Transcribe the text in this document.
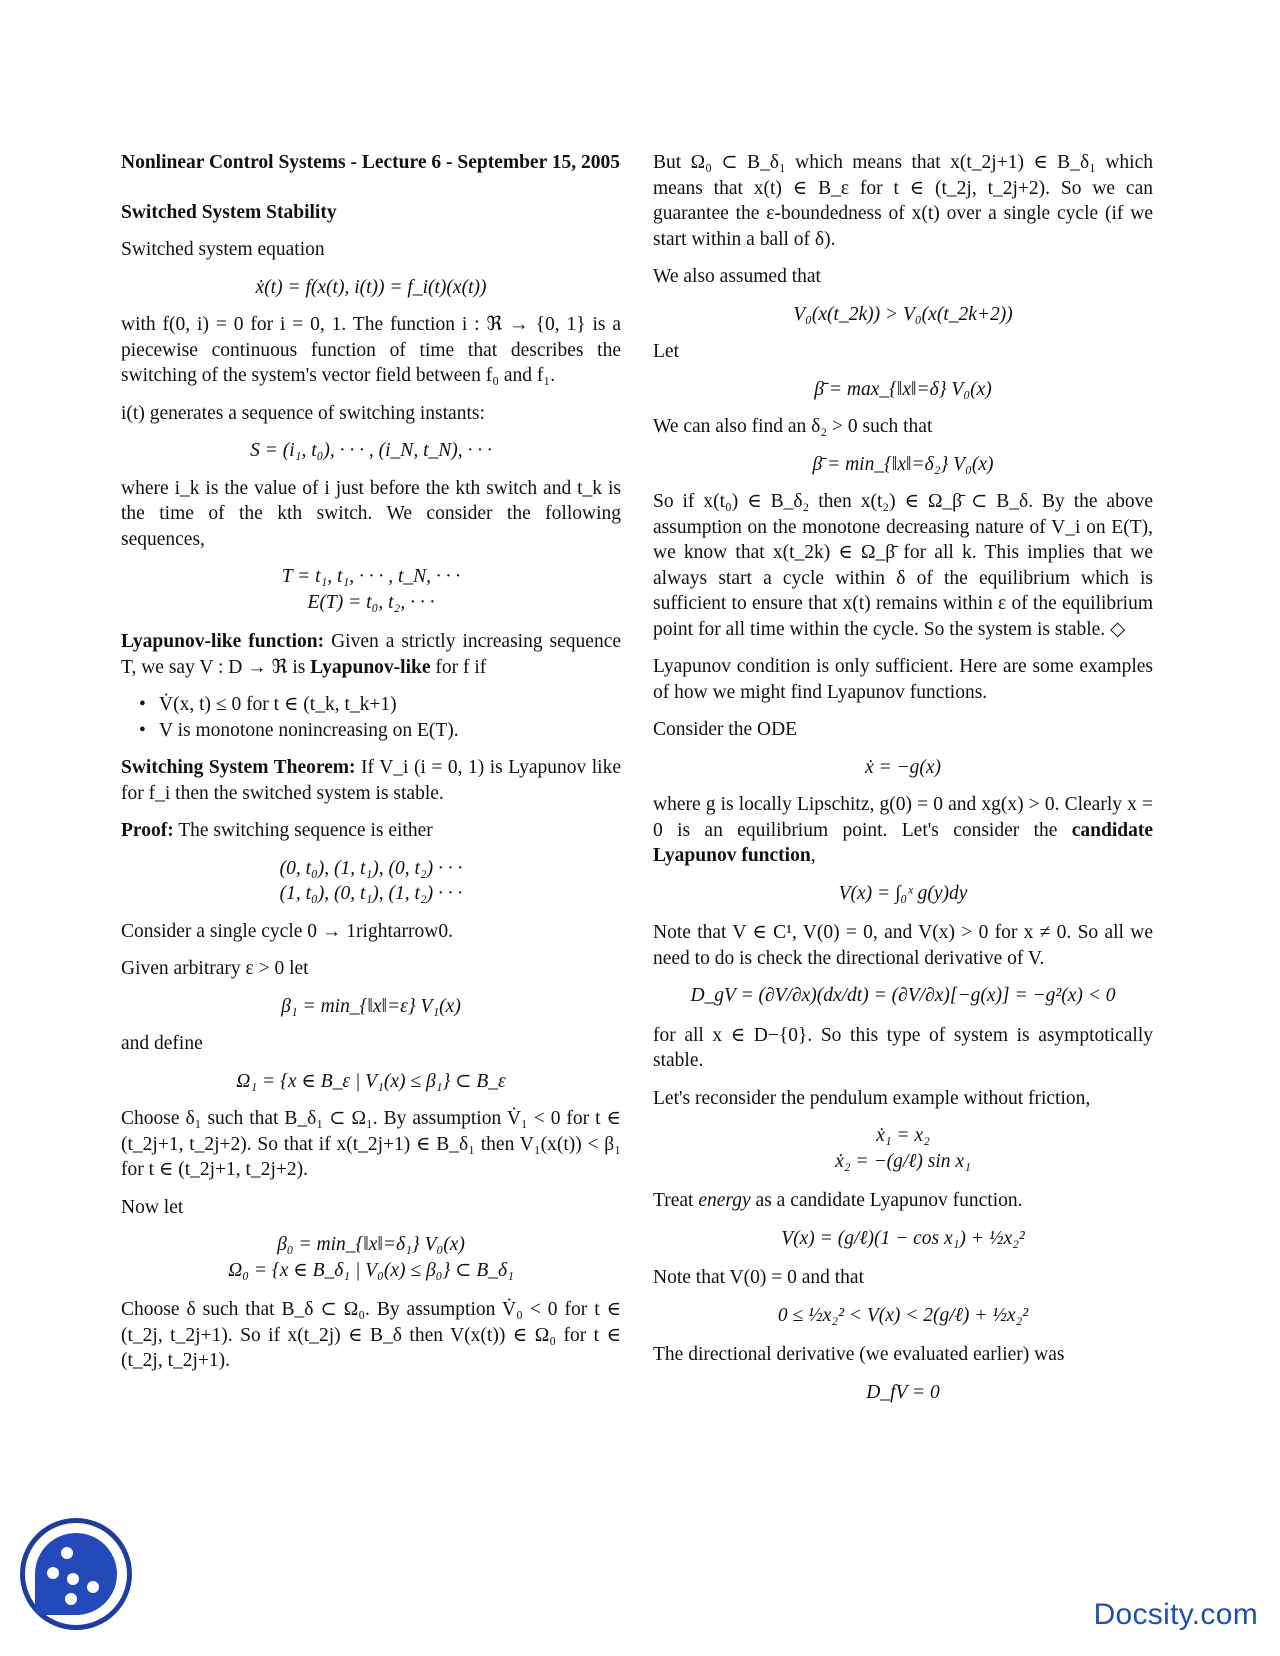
Nonlinear Control Systems - Lecture 6 - September 15, 2005

Switched System Stability

Switched system equation

ẋ(t) = f(x(t), i(t)) = f_i(t)(x(t))

with f(0, i) = 0 for i = 0, 1. The function i : ℜ → {0, 1} is a piecewise continuous function of time that describes the switching of the system's vector field between f₀ and f₁.

i(t) generates a sequence of switching instants:

S = (i₁, t₀), · · · , (i_N, t_N), · · ·

where i_k is the value of i just before the kth switch and t_k is the time of the kth switch. We consider the following sequences,

T = t₁, t₁, · · · , t_N, · · ·
E(T) = t₀, t₂, · · ·

Lyapunov-like function: Given a strictly increasing sequence T, we say V : D → ℜ is Lyapunov-like for f if

• V̇(x, t) ≤ 0 for t ∈ (t_k, t_k+1)
• V is monotone nonincreasing on E(T).

Switching System Theorem: If V_i (i = 0, 1) is Lyapunov like for f_i then the switched system is stable.

Proof: The switching sequence is either

(0, t₀), (1, t₁), (0, t₂) · · ·
(1, t₀), (0, t₁), (1, t₂) · · ·

Consider a single cycle 0 → 1rightarrow0.

Given arbitrary ε > 0 let

β₁ = min_{‖x‖=ε} V₁(x)

and define

Ω₁ = {x ∈ B_ε | V₁(x) ≤ β₁} ⊂ B_ε

Choose δ₁ such that B_δ₁ ⊂ Ω₁. By assumption V̇₁ < 0 for t ∈ (t_2j+1, t_2j+2). So that if x(t_2j+1) ∈ B_δ₁ then V₁(x(t)) < β₁ for t ∈ (t_2j+1, t_2j+2).

Now let

β₀ = min_{‖x‖=δ₁} V₀(x)
Ω₀ = {x ∈ B_δ₁ | V₀(x) ≤ β₀} ⊂ B_δ₁

Choose δ such that B_δ ⊂ Ω₀. By assumption V̇₀ < 0 for t ∈ (t_2j, t_2j+1). So if x(t_2j) ∈ B_δ then V(x(t)) ∈ Ω₀ for t ∈ (t_2j, t_2j+1).

But Ω₀ ⊂ B_δ₁ which means that x(t_2j+1) ∈ B_δ₁ which means that x(t) ∈ B_ε for t ∈ (t_2j, t_2j+2). So we can guarantee the ε-boundedness of x(t) over a single cycle (if we start within a ball of δ).

We also assumed that

V₀(x(t_2k)) > V₀(x(t_2k+2))

Let

β̄ = max_{‖x‖=δ} V₀(x)

We can also find an δ₂ > 0 such that

β̄ = min_{‖x‖=δ₂} V₀(x)

So if x(t₀) ∈ B_δ₂ then x(t₂) ∈ Ω_β̄ ⊂ B_δ. By the above assumption on the monotone decreasing nature of V_i on E(T), we know that x(t_2k) ∈ Ω_β̄ for all k. This implies that we always start a cycle within δ of the equilibrium which is sufficient to ensure that x(t) remains within ε of the equilibrium point for all time within the cycle. So the system is stable. ◇

Lyapunov condition is only sufficient. Here are some examples of how we might find Lyapunov functions.

Consider the ODE

ẋ = −g(x)

where g is locally Lipschitz, g(0) = 0 and xg(x) > 0. Clearly x = 0 is an equilibrium point. Let's consider the candidate Lyapunov function,

V(x) = ∫₀ˣ g(y)dy

Note that V ∈ C¹, V(0) = 0, and V(x) > 0 for x ≠ 0. So all we need to do is check the directional derivative of V.

D_gV = (∂V/∂x)(dx/dt) = (∂V/∂x)[−g(x)] = −g²(x) < 0

for all x ∈ D−{0}. So this type of system is asymptotically stable.

Let's reconsider the pendulum example without friction,

ẋ₁ = x₂
ẋ₂ = −(g/ℓ) sin x₁

Treat energy as a candidate Lyapunov function.

V(x) = (g/ℓ)(1 − cos x₁) + ½x₂²

Note that V(0) = 0 and that

0 ≤ ½x₂² < V(x) < 2(g/ℓ) + ½x₂²

The directional derivative (we evaluated earlier) was

D_fV = 0
Docsity.com
